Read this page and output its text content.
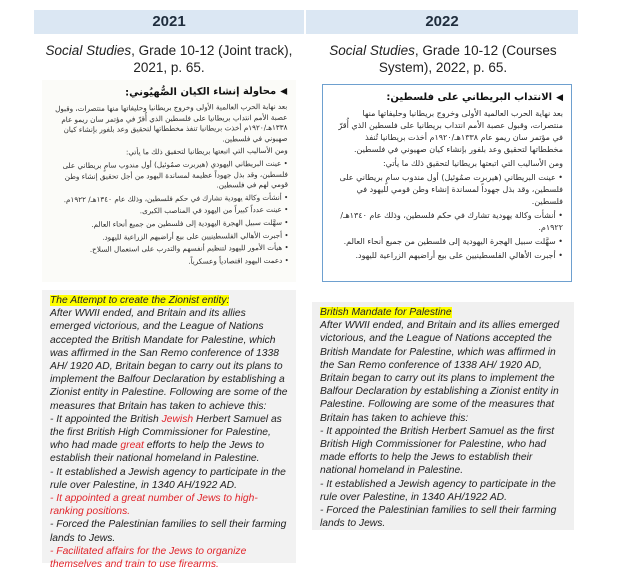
2021	2022
Social Studies, Grade 10-12 (Joint track), 2021, p. 65.
Social Studies, Grade 10-12 (Courses System), 2022, p. 65.
◀محاولة إنشاء الكيان الصُّهيُوني:

بعد نهاية الحرب العالمية الأولى وخروج بريطانيا وحليفاتها منها منتصرات، وقبول عصبة الأمم انتداب بريطانيا على فلسطين الذي أُقرّ في مؤتمر سان ريمو عام ١٣٣٨هـ/١٩٢٠م أخذت بريطانيا تنفذ مخططاتها لتحقيق وعد بلفور بإنشاء كيان صهيوني في فلسطين.

ومن الأساليب التي اتبعتها بريطانيا لتحقيق ذلك ما يأتي:

• عينت البريطاني اليهودي (هيربرت صمُوئيل) أول مندوب سامٍ بريطاني على فلسطين، وقد بذل جهوداً عظيمة لمساندة اليهود من أجل تحقيق إنشاء وطن قومي لهم في فلسطين.

• أنشأت وكالة يهودية تشارك في حكم فلسطين، وذلك عام ١٣٤٠هـ/ ١٩٢٢م.

• عينت عدداً كبيراً من اليهود في المناصب الكبرى.

• سهَّلت سبيل الهجرة اليهودية إلى فلسطين من جميع أنحاء العالم.

• أجبرت الأهالي الفلسطينيين على بيع أراضيهم الزراعية لليهود.

• هيأت الأمور لليهود لتنظيم أنفسهم والتدرب على استعمال السلاح.

• دعمت اليهود اقتصادياً وعسكرياً.

◀الانتداب البريطاني على فلسطين:

بعد نهاية الحرب العالمية الأولى وخروج بريطانيا وحليفاتها منها منتصرات، وقبول عصبة الأمم انتداب بريطانيا على فلسطين الذي أُقرّ في مؤتمر سان ريمو عام ١٣٣٨هـ/١٩٢٠م أخذت بريطانيا تُنفذ مخططاتها لتحقيق وعد بلفور بإنشاء كيان صهيوني في فلسطين.

ومن الأساليب التي اتبعتها بريطانيا لتحقيق ذلك ما يأتي:

• عينت البريطاني (هيربرت صمُوئيل) أول مندوب سامٍ بريطاني على فلسطين، وقد بذل جهوداً لمساندة إنشاء وطن قومي لليهود في فلسطين.

• أنشأت وكالة يهودية تشارك في حكم فلسطين، وذلك عام ١٣٤٠هـ/ ١٩٢٢م.

• سهَّلت سبيل الهجرة اليهودية إلى فلسطين من جميع أنحاء العالم.

• أجبرت الأهالي الفلسطينيين على بيع أراضيهم الزراعية لليهود.

The Attempt to create the Zionist entity:

After WWII ended, and Britain and its allies emerged victorious, and the League of Nations accepted the British Mandate for Palestine, which was affirmed in the San Remo conference of 1338 AH/ 1920 AD, Britain began to carry out its plans to implement the Balfour Declaration by establishing a Zionist entity in Palestine. Following are some of the measures that Britain has taken to achieve this:

- It appointed the British Jewish Herbert Samuel as the first British High Commissioner for Palestine, who had made great efforts to help the Jews to establish their national homeland in Palestine.

- It established a Jewish agency to participate in the rule over Palestine, in 1340 AH/1922 AD.

- It appointed a great number of Jews to high-ranking positions.

- Forced the Palestinian families to sell their farming lands to Jews.

- Facilitated affairs for the Jews to organize themselves and train to use firearms.

British Mandate for Palestine

After WWII ended, and Britain and its allies emerged victorious, and the League of Nations accepted the British Mandate for Palestine, which was affirmed in the San Remo conference of 1338 AH/ 1920 AD, Britain began to carry out its plans to implement the Balfour Declaration by establishing a Zionist entity in Palestine. Following are some of the measures that Britain has taken to achieve this:

- It appointed the British Herbert Samuel as the first British High Commissioner for Palestine, who had made efforts to help the Jews to establish their national homeland in Palestine.

- It established a Jewish agency to participate in the rule over Palestine, in 1340 AH/1922 AD.

- Forced the Palestinian families to sell their farming lands to Jews.
